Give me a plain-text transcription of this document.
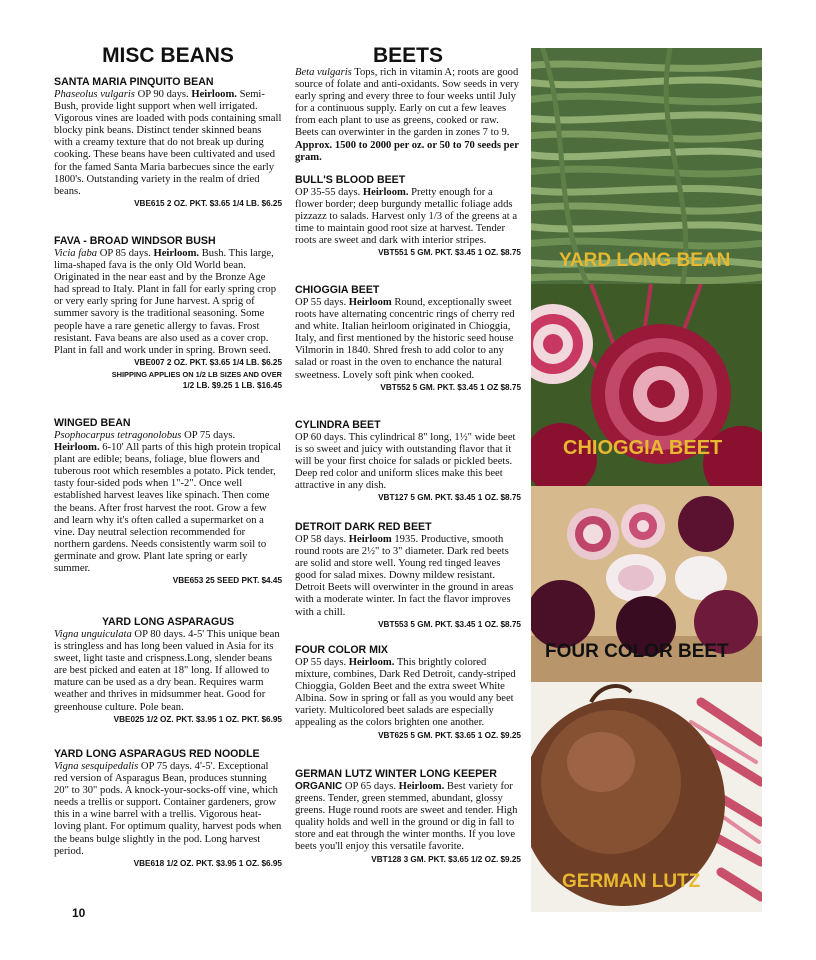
MISC BEANS
SANTA MARIA PINQUITO BEAN
Phaseolus vulgaris OP 90 days. Heirloom. Semi-Bush, provide light support when well irrigated. Vigorous vines are loaded with pods containing small blocky pink beans. Distinct tender skinned beans with a creamy texture that do not break up during cooking. These beans have been cultivated and used for the famed Santa Maria barbecues since the early 1800's. Outstanding variety in the realm of dried beans.
VBE615 2 OZ. PKT. $3.65 1/4 LB. $6.25
FAVA - BROAD WINDSOR BUSH
Vicia faba OP 85 days. Heirloom. Bush. This large, lima-shaped fava is the only Old World bean. Originated in the near east and by the Bronze Age had spread to Italy. Plant in fall for early spring crop or very early spring for June harvest. A sprig of summer savory is the traditional seasoning. Some people have a rare genetic allergy to favas. Frost resistant. Fava beans are also used as a cover crop. Plant in fall and work under in spring. Brown seed.
VBE007 2 OZ. PKT. $3.65 1/4 LB. $6.25
SHIPPING APPLIES ON 1/2 LB SIZES AND OVER
1/2 LB. $9.25 1 LB. $16.45
WINGED BEAN
Psophocarpus tetragonolobus OP 75 days. Heirloom. 6-10' All parts of this high protein tropical plant are edible; beans, foliage, blue flowers and tuberous root which resembles a potato. Pick tender, tasty four-sided pods when 1"-2". Once well established harvest leaves like spinach. Then come the beans. After frost harvest the root. Grow a few and learn why it's often called a supermarket on a vine. Day neutral selection recommended for northern gardens. Needs consistently warm soil to germinate and grow. Plant late spring or early summer.
VBE653 25 SEED PKT. $4.45
YARD LONG ASPARAGUS
Vigna unguiculata OP 80 days. 4-5' This unique bean is stringless and has long been valued in Asia for its sweet, light taste and crispness.Long, slender beans are best picked and eaten at 18" long. If allowed to mature can be used as a dry bean. Requires warm weather and thrives in midsummer heat. Good for greenhouse culture. Pole bean.
VBE025 1/2 OZ. PKT. $3.95 1 OZ. PKT. $6.95
YARD LONG ASPARAGUS RED NOODLE
Vigna sesquipedalis OP 75 days. 4'-5'. Exceptional red version of Asparagus Bean, produces stunning 20" to 30" pods. A knock-your-socks-off vine, which needs a trellis or support. Container gardeners, grow this in a wine barrel with a trellis. Vigorous heat-loving plant. For optimum quality, harvest pods when the beans bulge slightly in the pod. Long harvest period.
VBE618 1/2 OZ. PKT. $3.95 1 OZ. $6.95
BEETS
Beta vulgaris Tops, rich in vitamin A; roots are good source of folate and anti-oxidants. Sow seeds in very early spring and every three to four weeks until July for a continuous supply. Early on cut a few leaves from each plant to use as greens, cooked or raw. Beets can overwinter in the garden in zones 7 to 9. Approx. 1500 to 2000 per oz. or 50 to 70 seeds per gram.
BULL'S BLOOD BEET
OP 35-55 days. Heirloom. Pretty enough for a flower border; deep burgundy metallic foliage adds pizzazz to salads. Harvest only 1/3 of the greens at a time to maintain good root size at harvest. Tender roots are sweet and dark with interior stripes.
VBT551 5 GM. PKT. $3.45 1 OZ. $8.75
CHIOGGIA BEET
OP 55 days. Heirloom Round, exceptionally sweet roots have alternating concentric rings of cherry red and white. Italian heirloom originated in Chioggia, Italy, and first mentioned by the historic seed house Vilmorin in 1840. Shred fresh to add color to any salad or roast in the oven to enchance the natural sweetness. Lovely soft pink when cooked.
VBT552 5 GM. PKT. $3.45 1 OZ $8.75
CYLINDRA BEET
OP 60 days. This cylindrical 8" long, 1½" wide beet is so sweet and juicy with outstanding flavor that it will be your first choice for salads or pickled beets. Deep red color and uniform slices make this beet attractive in any dish.
VBT127 5 GM. PKT. $3.45 1 OZ. $8.75
DETROIT DARK RED BEET
OP 58 days. Heirloom 1935. Productive, smooth round roots are 2½" to 3" diameter. Dark red beets are solid and store well. Young red tinged leaves good for salad mixes. Downy mildew resistant. Detroit Beets will overwinter in the ground in areas with a moderate winter. In fact the flavor improves with a chill.
VBT553 5 GM. PKT. $3.45 1 OZ. $8.75
FOUR COLOR MIX
OP 55 days. Heirloom. This brightly colored mixture, combines, Dark Red Detroit, candy-striped Chioggia, Golden Beet and the extra sweet White Albina. Sow in spring or fall as you would any beet variety. Multicolored beet salads are especially appealing as the colors brighten one another.
VBT625 5 GM. PKT. $3.65 1 OZ. $9.25
GERMAN LUTZ WINTER LONG KEEPER
ORGANIC OP 65 days. Heirloom. Best variety for greens. Tender, green stemmed, abundant, glossy greens. Huge round roots are sweet and tender. High quality holds and well in the ground or dig in fall to store and eat through the winter months. If you love beets you'll enjoy this versatile favorite.
VBT128 3 GM. PKT. $3.65 1/2 OZ. $9.25
YARD LONG BEAN
CHIOGGIA BEET
FOUR COLOR BEET
GERMAN LUTZ
10
